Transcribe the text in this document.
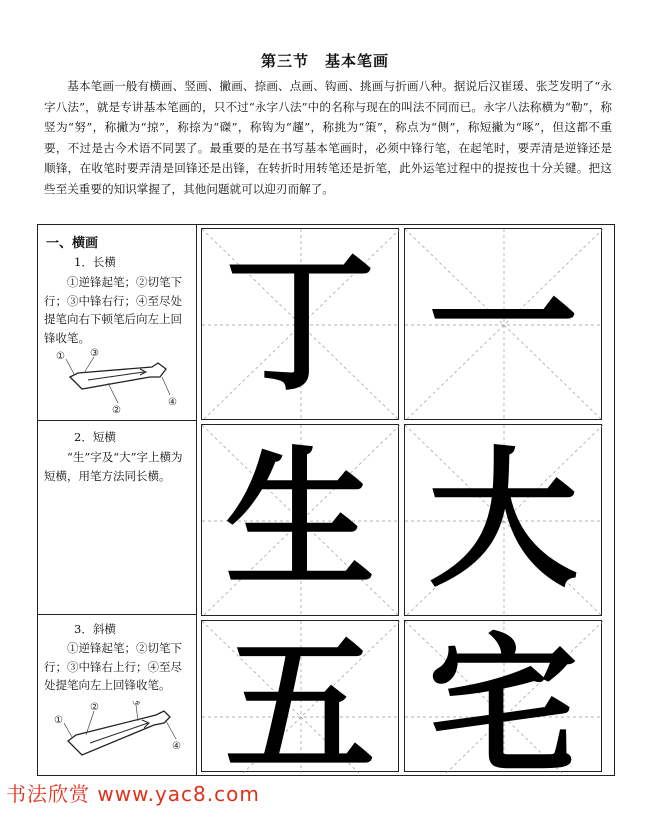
第三节　基本笔画
基本笔画一般有横画、竖画、撇画、捺画、点画、钩画、挑画与折画八种。据说后汉崔瑗、张芝发明了“永字八法”，就是专讲基本笔画的，只不过“永字八法”中的名称与现在的叫法不同而已。永字八法称横为“勒”，称竖为“努”，称撇为“掠”，称捺为“磔”，称钩为“趯”，称挑为“策”，称点为“侧”，称短撇为“啄”，但这都不重要，不过是古今术语不同罢了。最重要的是在书写基本笔画时，必须中锋行笔，在起笔时，要弄清是逆锋还是顺锋，在收笔时要弄清是回锋还是出锋，在转折时用转笔还是折笔，此外运笔过程中的提按也十分关键。把这些至关重要的知识掌握了，其他问题就可以迎刃而解了。
一、横画
1．长横
①逆锋起笔；②切笔下行；③中锋右行；④至尽处提笔向右下顿笔后向左上回锋收笔。
①	③
②
④
2．短横
“生”字及“大”字上横为短横，用笔方法同长横。
3．斜横
①逆锋起笔；②切笔下行；③中锋右上行；④至尽处提笔向左上回锋收笔。
①
②	③
④
丁 一
生 大
五 宅
书法欣赏 www.yac8.com
